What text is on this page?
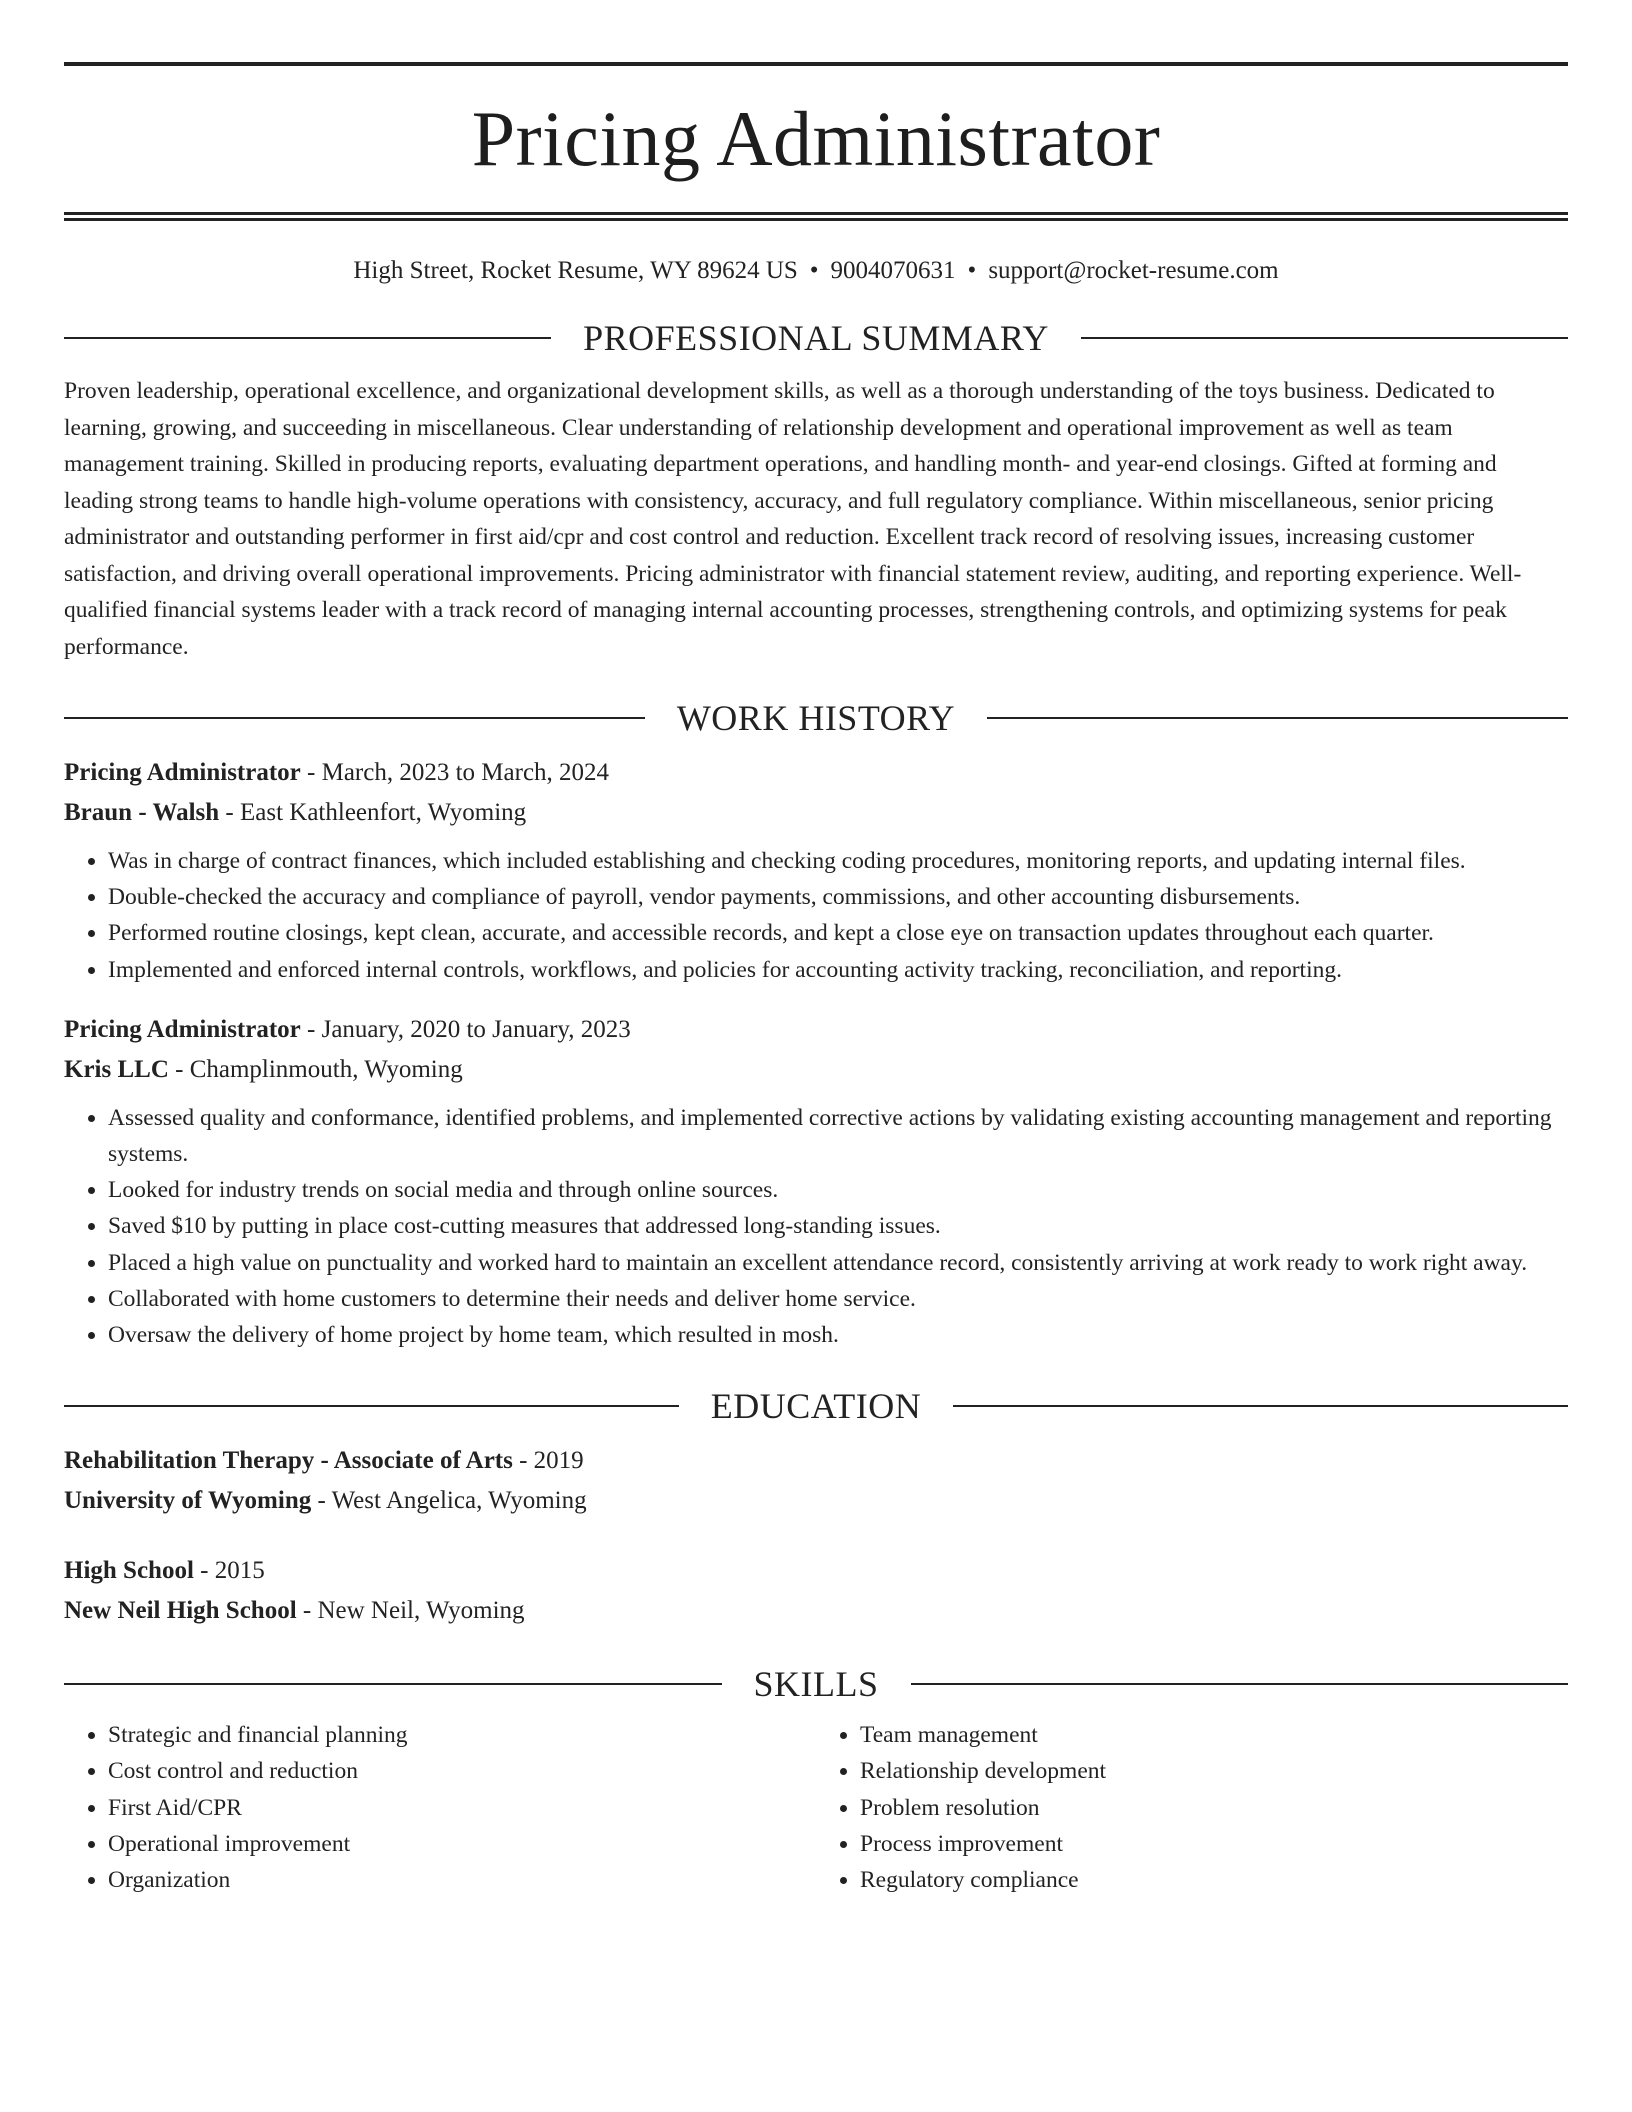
Pricing Administrator
High Street, Rocket Resume, WY 89624 US • 9004070631 • support@rocket-resume.com
PROFESSIONAL SUMMARY
Proven leadership, operational excellence, and organizational development skills, as well as a thorough understanding of the toys business. Dedicated to learning, growing, and succeeding in miscellaneous. Clear understanding of relationship development and operational improvement as well as team management training. Skilled in producing reports, evaluating department operations, and handling month- and year-end closings. Gifted at forming and leading strong teams to handle high-volume operations with consistency, accuracy, and full regulatory compliance. Within miscellaneous, senior pricing administrator and outstanding performer in first aid/cpr and cost control and reduction. Excellent track record of resolving issues, increasing customer satisfaction, and driving overall operational improvements. Pricing administrator with financial statement review, auditing, and reporting experience. Well-qualified financial systems leader with a track record of managing internal accounting processes, strengthening controls, and optimizing systems for peak performance.
WORK HISTORY
Pricing Administrator - March, 2023 to March, 2024
Braun - Walsh - East Kathleenfort, Wyoming
• Was in charge of contract finances, which included establishing and checking coding procedures, monitoring reports, and updating internal files.
• Double-checked the accuracy and compliance of payroll, vendor payments, commissions, and other accounting disbursements.
• Performed routine closings, kept clean, accurate, and accessible records, and kept a close eye on transaction updates throughout each quarter.
• Implemented and enforced internal controls, workflows, and policies for accounting activity tracking, reconciliation, and reporting.
Pricing Administrator - January, 2020 to January, 2023
Kris LLC - Champlinmouth, Wyoming
• Assessed quality and conformance, identified problems, and implemented corrective actions by validating existing accounting management and reporting systems.
• Looked for industry trends on social media and through online sources.
• Saved $10 by putting in place cost-cutting measures that addressed long-standing issues.
• Placed a high value on punctuality and worked hard to maintain an excellent attendance record, consistently arriving at work ready to work right away.
• Collaborated with home customers to determine their needs and deliver home service.
• Oversaw the delivery of home project by home team, which resulted in mosh.
EDUCATION
Rehabilitation Therapy - Associate of Arts - 2019
University of Wyoming - West Angelica, Wyoming
High School - 2015
New Neil High School - New Neil, Wyoming
SKILLS
• Strategic and financial planning
• Cost control and reduction
• First Aid/CPR
• Operational improvement
• Organization
• Team management
• Relationship development
• Problem resolution
• Process improvement
• Regulatory compliance
